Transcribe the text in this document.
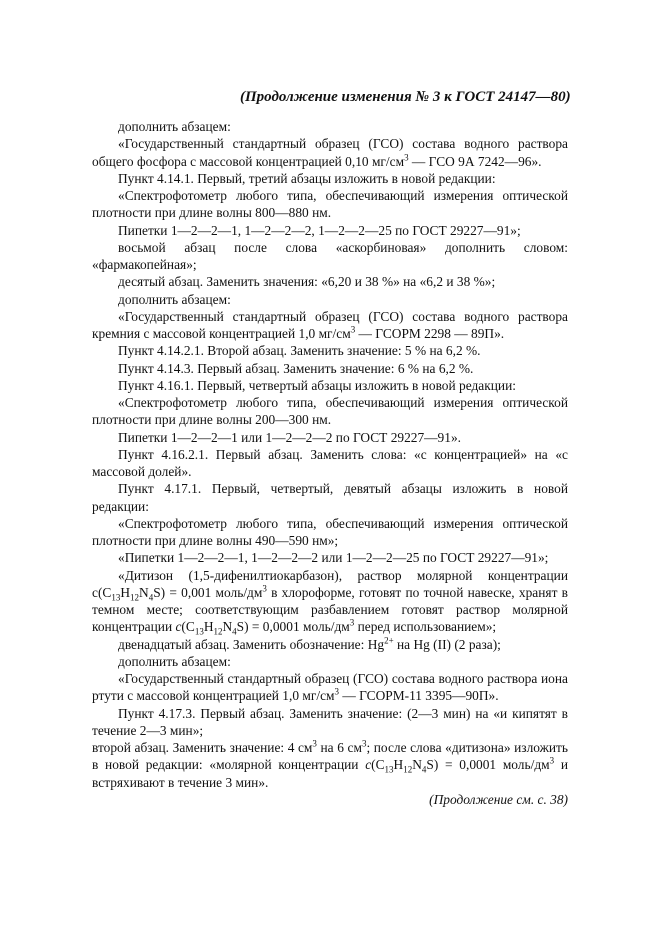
(Продолжение изменения № 3 к ГОСТ 24147—80)

дополнить абзацем:

«Государственный стандартный образец (ГСО) состава водного раствора общего фосфора с массовой концентрацией 0,10 $мг/см^3$ — ГСО 9А 7242—96».

Пункт 4.14.1. Первый, третий абзацы изложить в новой редакции:

«Спектрофотометр любого типа, обеспечивающий измерения оптической плотности при длине волны 800—880 нм.

Пипетки 1—2—2—1, 1—2—2—2, 1—2—2—25 по ГОСТ 29227—91»;

восьмой абзац после слова «аскорбиновая» дополнить словом: «фармакопейная»;

десятый абзац. Заменить значения: «6,20 и 38 %» на «6,2 и 38 %»;

дополнить абзацем:

«Государственный стандартный образец (ГСО) состава водного раствора кремния с массовой концентрацией 1,0 $мг/см^3$ — ГСОРМ 2298 — 89П».

Пункт 4.14.2.1. Второй абзац. Заменить значение: 5 % на 6,2 %.

Пункт 4.14.3. Первый абзац. Заменить значение: 6 % на 6,2 %.

Пункт 4.16.1. Первый, четвертый абзацы изложить в новой редакции:

«Спектрофотометр любого типа, обеспечивающий измерения оптической плотности при длине волны 200—300 нм.

Пипетки 1—2—2—1 или 1—2—2—2 по ГОСТ 29227—91».

Пункт 4.16.2.1. Первый абзац. Заменить слова: «с концентрацией» на «с массовой долей».

Пункт 4.17.1. Первый, четвертый, девятый абзацы изложить в новой редакции:

«Спектрофотометр любого типа, обеспечивающий измерения оптической плотности при длине волны 490—590 нм»;

«Пипетки 1—2—2—1, 1—2—2—2 или 1—2—2—25 по ГОСТ 29227—91»;

«Дитизон (1,5-дифенилтиокарбазон), раствор молярной концентрации $с(C_{13}H_{12}N_4S) = 0,001$ моль/$дм^3$ в хлороформе, готовят по точной навеске, хранят в темном месте; соответствующим разбавлением готовят раствор молярной концентрации $c(C_{13}H_{12}N_4S) = 0,0001$ моль/$дм^3$ перед использованием»;

двенадцатый абзац. Заменить обозначение: $Hg^{2+}$ на Hg (II) (2 раза);

дополнить абзацем:

«Государственный стандартный образец (ГСО) состава водного раствора иона ртути с массовой концентрацией 1,0 $мг/см^3$ — ГСОРМ-11 3395—90П».

Пункт 4.17.3. Первый абзац. Заменить значение: (2—3 мин) на «и кипятят в течение 2—3 мин»;

второй абзац. Заменить значение: 4 $см^3$ на 6 $см^3$; после слова «дитизона» изложить в новой редакции: «молярной концентрации $c(C_{13}H_{12}N_4S) = 0,0001$ моль/$дм^3$ и встряхивают в течение 3 мин».

(Продолжение см. с. 38)
